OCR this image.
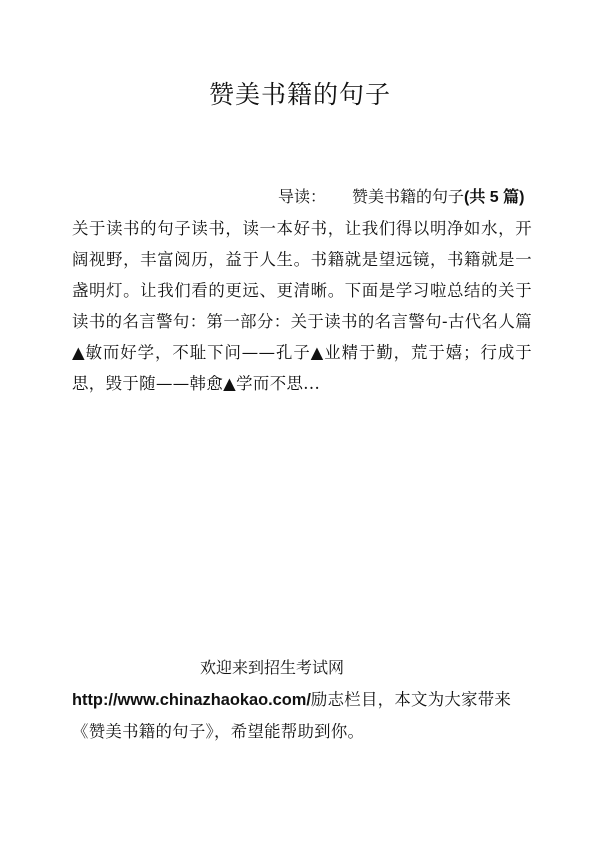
赞美书籍的句子
导读： 赞美书籍的句子(共 5 篇)
关于读书的句子读书，读一本好书，让我们得以明净如水，开阔视野，丰富阅历，益于人生。书籍就是望远镜，书籍就是一盏明灯。让我们看的更远、更清晰。下面是学习啦总结的关于读书的名言警句：第一部分：关于读书的名言警句-古代名人篇▲敏而好学，不耻下问——孔子▲业精于勤，荒于嬉；行成于思，毁于随——韩愈▲学而不思...
欢迎来到招生考试网
http://www.chinazhaokao.com/励志栏目，本文为大家带来《赞美书籍的句子》，希望能帮助到你。
